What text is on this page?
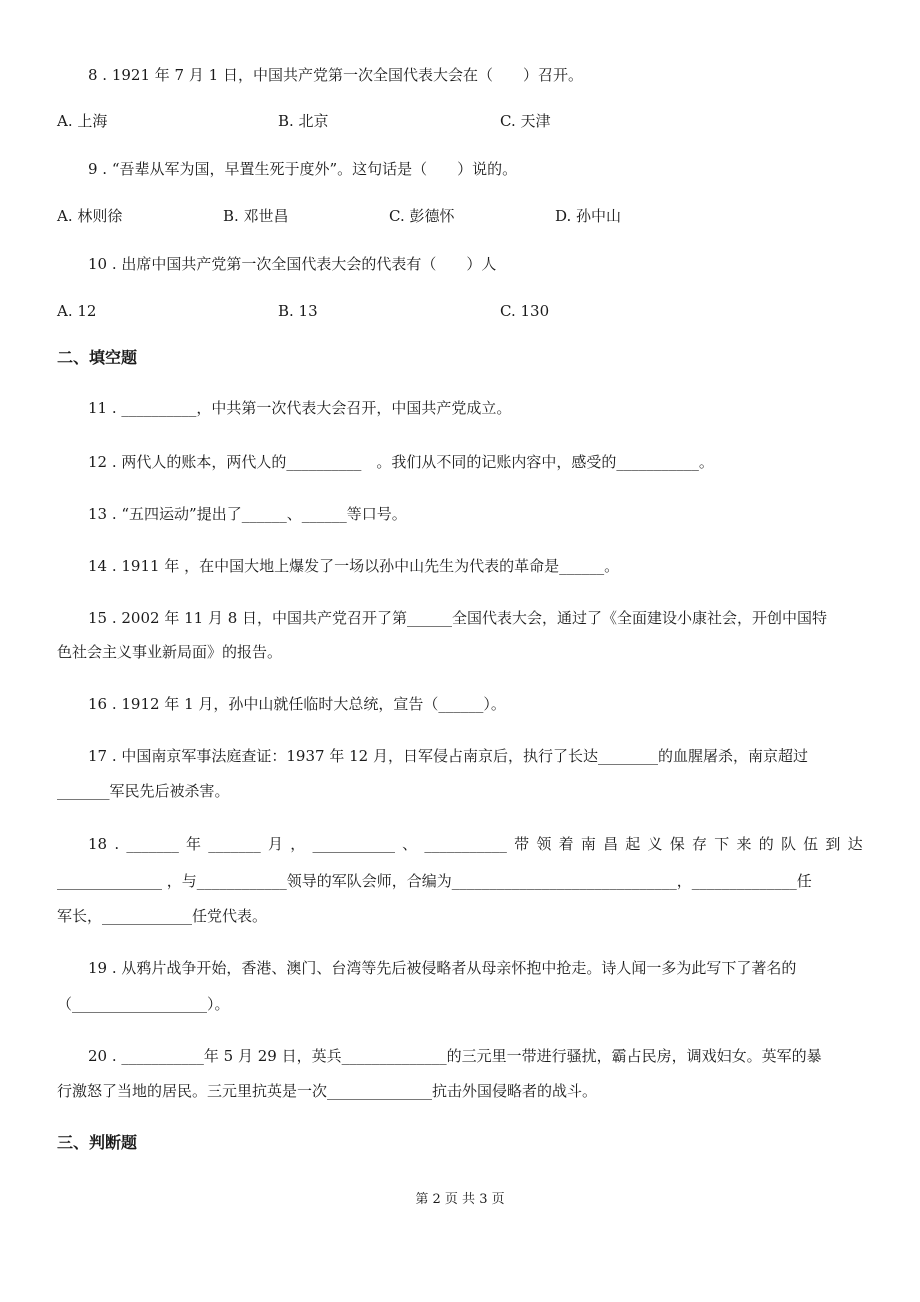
8 . 1921 年 7 月 1 日，中国共产党第一次全国代表大会在（　　）召开。
A. 上海	B. 北京	C. 天津
9 . “吾辈从军为国，早置生死于度外”。这句话是（　　）说的。
A. 林则徐	B. 邓世昌	C. 彭德怀	D. 孙中山
10 . 出席中国共产党第一次全国代表大会的代表有（　　）人
A. 12	B. 13	C. 130
二、填空题
11 . __________，中共第一次代表大会召开，中国共产党成立。
12 . 两代人的账本，两代人的__________　。我们从不同的记账内容中，感受的___________。
13 . “五四运动”提出了______、______等口号。
14 . 1911 年 ，在中国大地上爆发了一场以孙中山先生为代表的革命是______。
15 . 2002 年 11 月 8 日，中国共产党召开了第______全国代表大会，通过了《全面建设小康社会，开创中国特
色社会主义事业新局面》的报告。
16 . 1912 年 1 月，孙中山就任临时大总统，宣告（______）。
17 . 中国南京军事法庭查证：1937 年 12 月，日军侵占南京后，执行了长达________的血腥屠杀，南京超过
_______军民先后被杀害。
18 . _______ 年 _______ 月 ， ___________ 、 ___________ 带 领 着 南 昌 起 义 保 存 下 来 的 队 伍 到 达
______________ ，与____________领导的军队会师，合编为______________________________，______________任
军长，____________任党代表。
19 . 从鸦片战争开始，香港、澳门、台湾等先后被侵略者从母亲怀抱中抢走。诗人闻一多为此写下了著名的
（__________________）。
20 . ___________年 5 月 29 日，英兵______________的三元里一带进行骚扰，霸占民房，调戏妇女。英军的暴
行激怒了当地的居民。三元里抗英是一次______________抗击外国侵略者的战斗。
三、判断题
第 2 页 共 3 页
